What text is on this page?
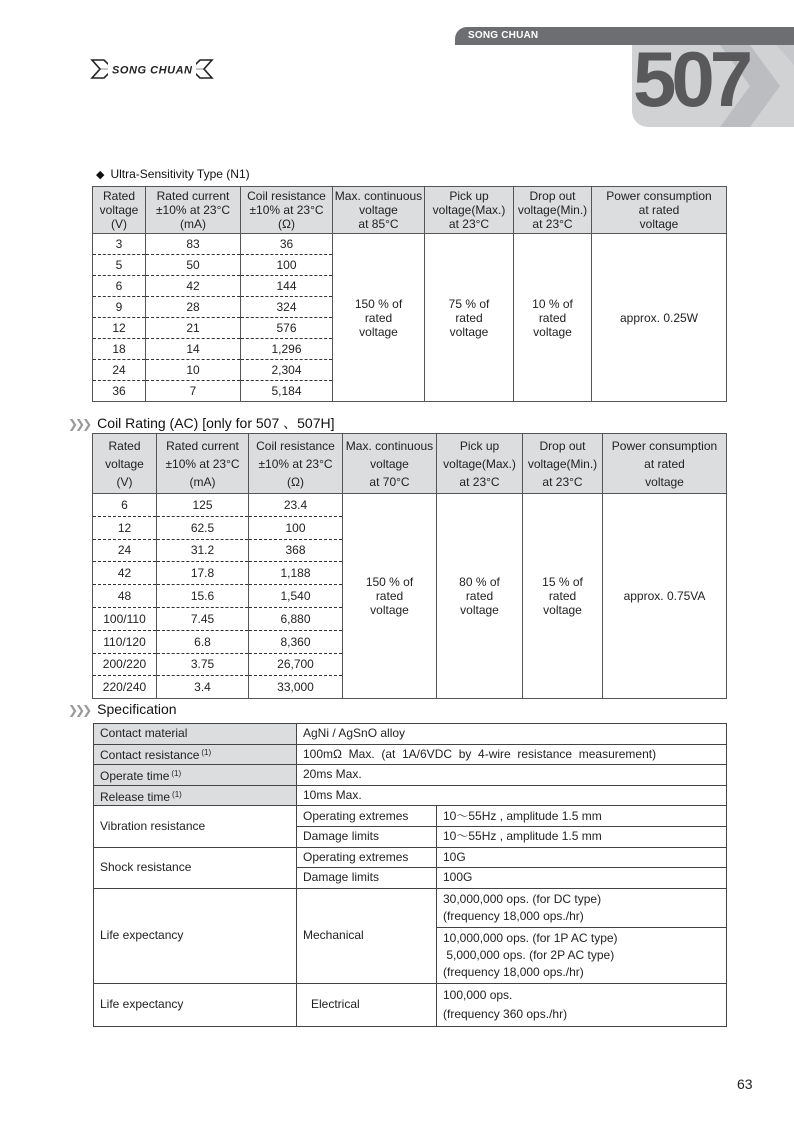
SONG CHUAN 507
SONG CHUAN
◆ Ultra-Sensitivity Type (N1)
Rated
voltage
(V)	Rated current
±10% at 23°C
(mA)	Coil resistance
±10% at 23°C
(Ω)	Max. continuous
voltage
at 85°C	Pick up
voltage(Max.)
at 23°C	Drop out
voltage(Min.)
at 23°C	Power consumption
at rated
voltage
3	83	36	150 % of
rated
voltage	75 % of
rated
voltage	10 % of
rated
voltage	approx. 0.25W
5	50	100				
6	42	144				
9	28	324				
12	21	576				
18	14	1,296				
24	10	2,304				
36	7	5,184				
❯❯❯ Coil Rating (AC) [only for 507 、507H]
Rated
voltage
(V)	Rated current
±10% at 23°C
(mA)	Coil resistance
±10% at 23°C
(Ω)	Max. continuous
voltage
at 70°C	Pick up
voltage(Max.)
at 23°C	Drop out
voltage(Min.)
at 23°C	Power consumption
at rated
voltage
6	125	23.4	150 % of
rated
voltage	80 % of
rated
voltage	15 % of
rated
voltage	approx. 0.75VA
12	62.5	100				
24	31.2	368				
42	17.8	1,188				
48	15.6	1,540				
100/110	7.45	6,880				
110/120	6.8	8,360				
200/220	3.75	26,700				
220/240	3.4	33,000				
❯❯❯ Specification
Contact material	AgNi / AgSnO alloy	
Contact resistance $^{(1)}$	100mΩ  Max.  (at  1A/6VDC  by  4-wire  resistance  measurement)	
Operate time $^{(1)}$	20ms Max.	
Release time $^{(1)}$	10ms Max.	
Vibration resistance	Operating extremes	10～55Hz , amplitude 1.5 mm
	Damage limits	10～55Hz , amplitude 1.5 mm
Shock resistance	Operating extremes	10G
	Damage limits	100G
Life expectancy	Mechanical	30,000,000 ops. (for DC type)
(frequency 18,000 ops./hr)
		10,000,000 ops. (for 1P AC type)
5,000,000 ops. (for 2P AC type)
(frequency 18,000 ops./hr)
Life expectancy	Electrical	100,000 ops.
(frequency 360 ops./hr)
63
